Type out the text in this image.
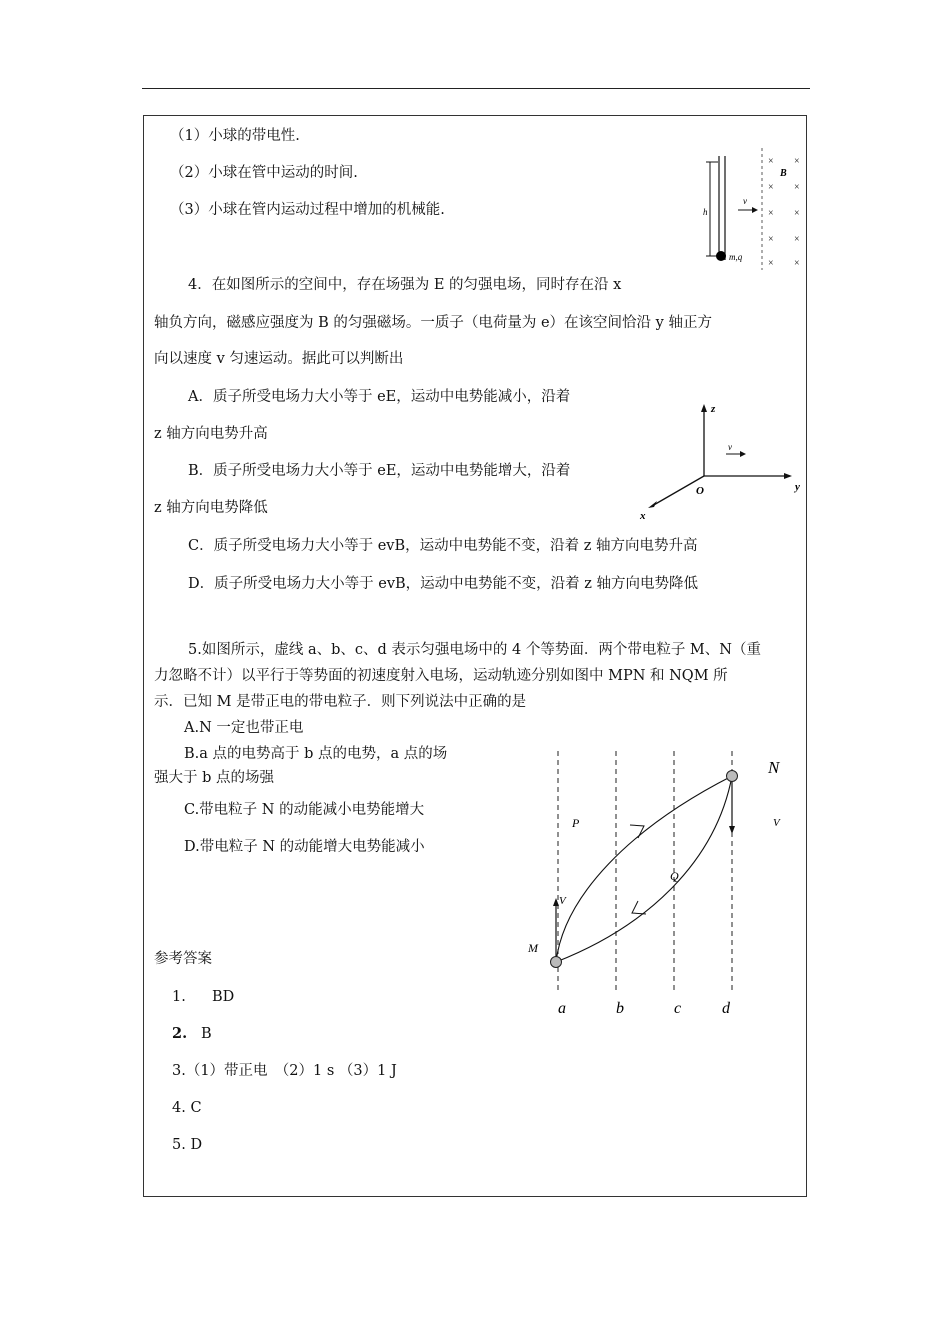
（1）小球的带电性.
（2）小球在管中运动的时间.
（3）小球在管内运动过程中增加的机械能.
× ×
× ×
× ×
× ×
× ×
B
v
h
m,q
4．在如图所示的空间中，存在场强为 E 的匀强电场，同时存在沿 x
轴负方向，磁感应强度为 B 的匀强磁场。一质子（电荷量为 e）在该空间恰沿 y 轴正方
向以速度 v 匀速运动。据此可以判断出
A．质子所受电场力大小等于 eE，运动中电势能减小，沿着
z 轴方向电势升高
B．质子所受电场力大小等于 eE，运动中电势能增大，沿着
z 轴方向电势降低
C．质子所受电场力大小等于 evB，运动中电势能不变，沿着 z 轴方向电势升高
D．质子所受电场力大小等于 evB，运动中电势能不变，沿着 z 轴方向电势降低
z
v
O	y
x
5.如图所示，虚线 a、b、c、d 表示匀强电场中的 4 个等势面．两个带电粒子 M、N（重
力忽略不计）以平行于等势面的初速度射入电场，运动轨迹分别如图中 MPN 和 NQM 所
示．已知 M 是带正电的带电粒子．则下列说法中正确的是
A.N 一定也带正电
B.a 点的电势高于 b 点的电势，a 点的场
强大于 b 点的场强
C.带电粒子 N 的动能减小电势能增大
D.带电粒子 N 的动能增大电势能减小
N
V
P
Q
V
M
a	b	c	d
参考答案
1. BD
2. B
3.（1）带正电　（2）1 s （3）1 J
4. C
5. D
